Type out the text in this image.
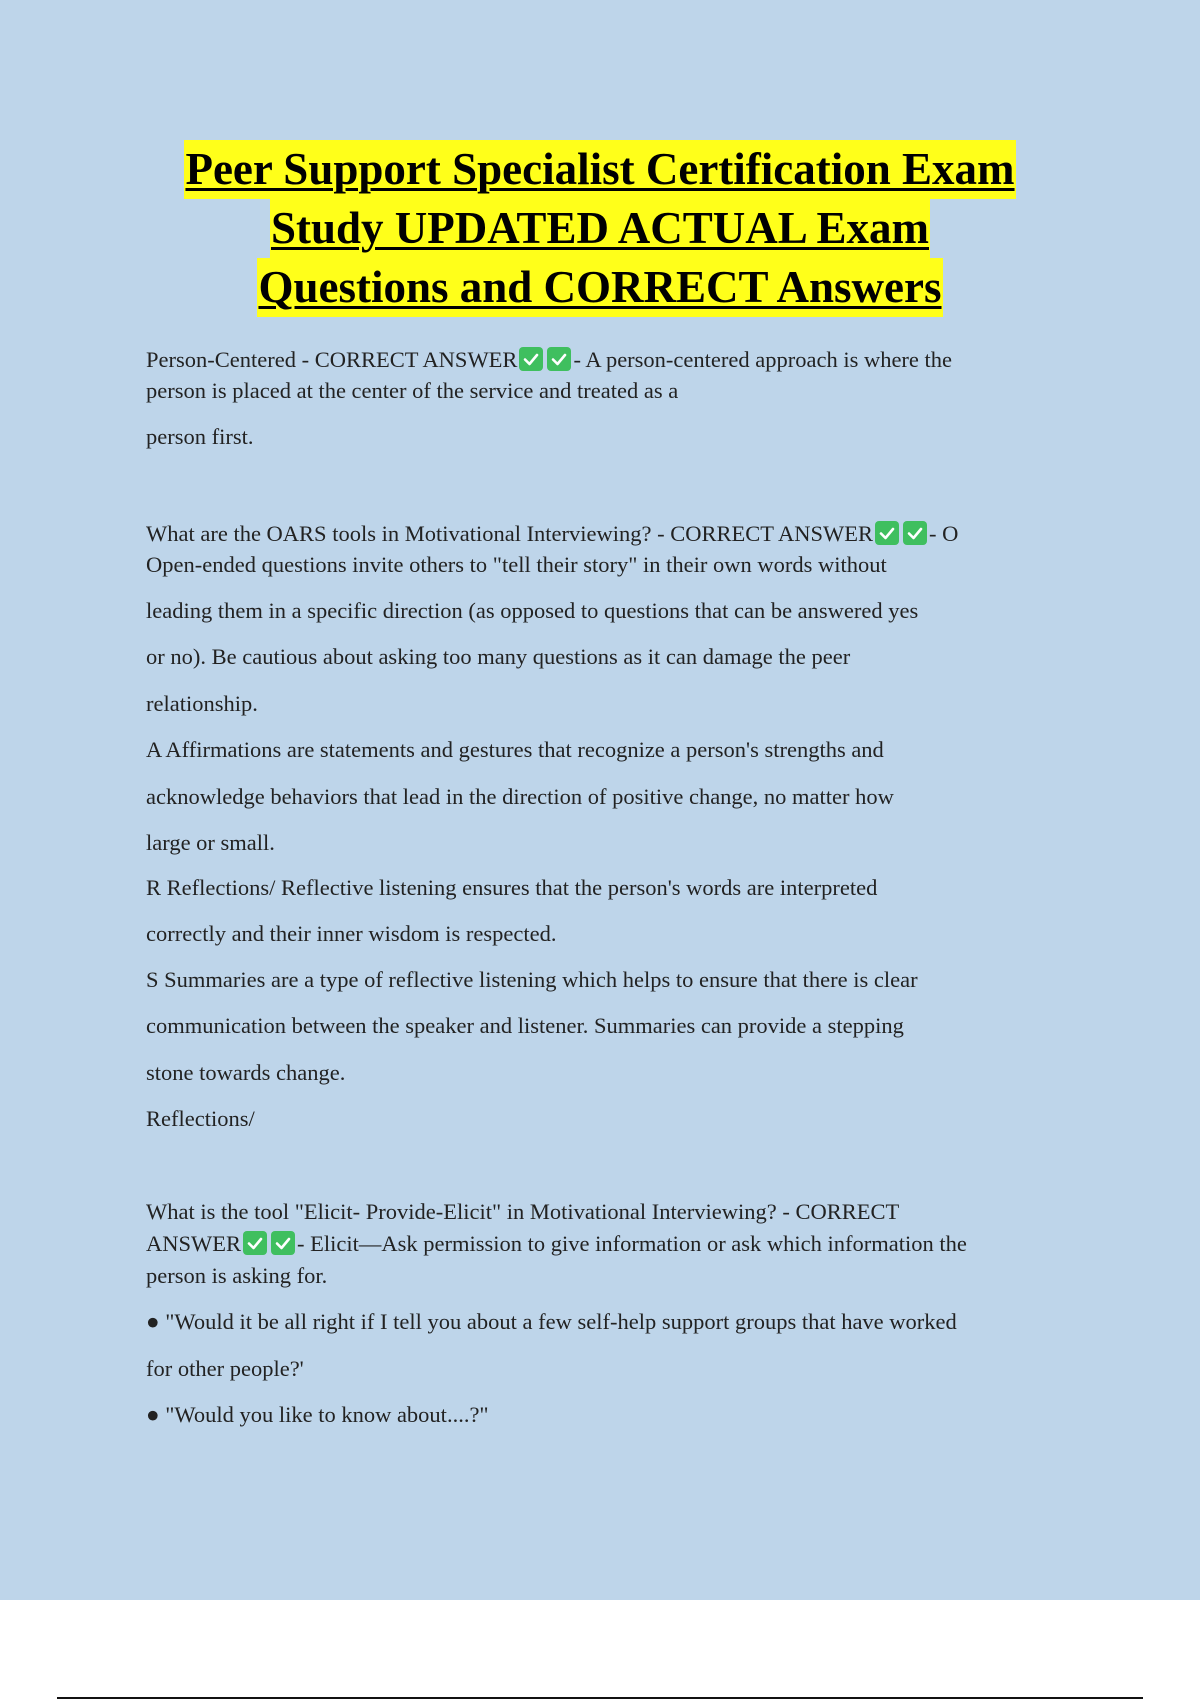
Peer Support Specialist Certification Exam
Study UPDATED ACTUAL Exam
Questions and CORRECT Answers
Person-Centered - CORRECT ANSWER - A person-centered approach is where the
person is placed at the center of the service and treated as a
person first.
What are the OARS tools in Motivational Interviewing? - CORRECT ANSWER - O
Open-ended questions invite others to "tell their story" in their own words without
leading them in a specific direction (as opposed to questions that can be answered yes
or no). Be cautious about asking too many questions as it can damage the peer
relationship.
A Affirmations are statements and gestures that recognize a person's strengths and
acknowledge behaviors that lead in the direction of positive change, no matter how
large or small.
R Reflections/ Reflective listening ensures that the person's words are interpreted
correctly and their inner wisdom is respected.
S Summaries are a type of reflective listening which helps to ensure that there is clear
communication between the speaker and listener. Summaries can provide a stepping
stone towards change.
Reflections/
What is the tool "Elicit- Provide-Elicit" in Motivational Interviewing? - CORRECT
ANSWER - Elicit—Ask permission to give information or ask which information the
person is asking for.
● "Would it be all right if I tell you about a few self-help support groups that have worked
for other people?'
● "Would you like to know about....?"
